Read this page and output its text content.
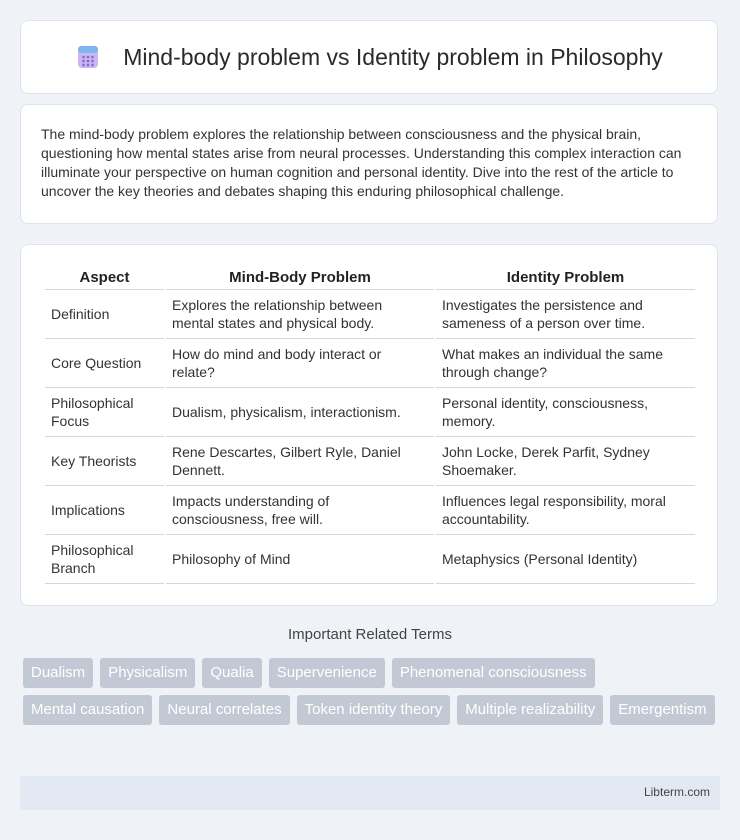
Mind-body problem vs Identity problem in Philosophy

The mind-body problem explores the relationship between consciousness and the physical brain, questioning how mental states arise from neural processes. Understanding this complex interaction can illuminate your perspective on human cognition and personal identity. Dive into the rest of the article to uncover the key theories and debates shaping this enduring philosophical challenge.

Aspect	Mind-Body Problem	Identity Problem
Definition	Explores the relationship between mental states and physical body.	Investigates the persistence and sameness of a person over time.
Core Question	How do mind and body interact or relate?	What makes an individual the same through change?
Philosophical Focus	Dualism, physicalism, interactionism.	Personal identity, consciousness, memory.
Key Theorists	Rene Descartes, Gilbert Ryle, Daniel Dennett.	John Locke, Derek Parfit, Sydney Shoemaker.
Implications	Impacts understanding of consciousness, free will.	Influences legal responsibility, moral accountability.
Philosophical Branch	Philosophy of Mind	Metaphysics (Personal Identity)
Important Related Terms
Dualism	Physicalism	Qualia	Supervenience	Phenomenal consciousness
Mental causation	Neural correlates	Token identity theory	Multiple realizability	Emergentism
Libterm.com
